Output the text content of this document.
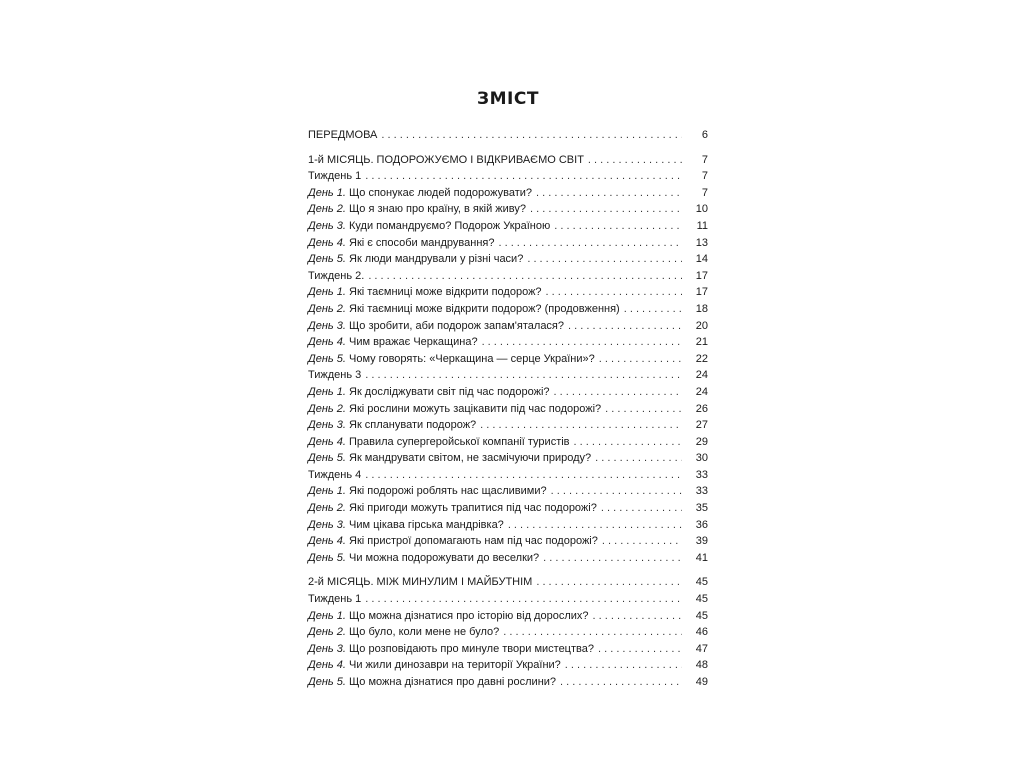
ЗМІСТ
ПЕРЕДМОВА . . .	6
1-й МІСЯЦЬ. ПОДОРОЖУЄМО І ВІДКРИВАЄМО СВІТ . . .	7
Тиждень 1 . . .	7
День 1. Що спонукає людей подорожувати? . . .	7
День 2. Що я знаю про країну, в якій живу? . . .	10
День 3. Куди помандруємо? Подорож Україною . . .	11
День 4. Які є способи мандрування? . . .	13
День 5. Як люди мандрували у різні часи? . . .	14
Тиждень 2. . . .	17
День 1. Які таємниці може відкрити подорож? . . .	17
День 2. Які таємниці може відкрити подорож? (продовження) . . .	18
День 3. Що зробити, аби подорож запам'яталася? . . .	20
День 4. Чим вражає Черкащина? . . .	21
День 5. Чому говорять: «Черкащина — серце України»? . . .	22
Тиждень 3 . . .	24
День 1. Як досліджувати світ під час подорожі? . . .	24
День 2. Які рослини можуть зацікавити під час подорожі? . . .	26
День 3. Як спланувати подорож? . . .	27
День 4. Правила супергеройської компанії туристів . . .	29
День 5. Як мандрувати світом, не засмічуючи природу? . . .	30
Тиждень 4 . . .	33
День 1. Які подорожі роблять нас щасливими? . . .	33
День 2. Які пригоди можуть трапитися під час подорожі? . . .	35
День 3. Чим цікава гірська мандрівка? . . .	36
День 4. Які пристрої допомагають нам під час подорожі? . . .	39
День 5. Чи можна подорожувати до веселки? . . .	41
2-й МІСЯЦЬ. МІЖ МИНУЛИМ І МАЙБУТНІМ . . .	45
Тиждень 1 . . .	45
День 1. Що можна дізнатися про історію від дорослих? . . .	45
День 2. Що було, коли мене не було? . . .	46
День 3. Що розповідають про минуле твори мистецтва? . . .	47
День 4. Чи жили динозаври на території України? . . .	48
День 5. Що можна дізнатися про давні рослини? . . .	49
